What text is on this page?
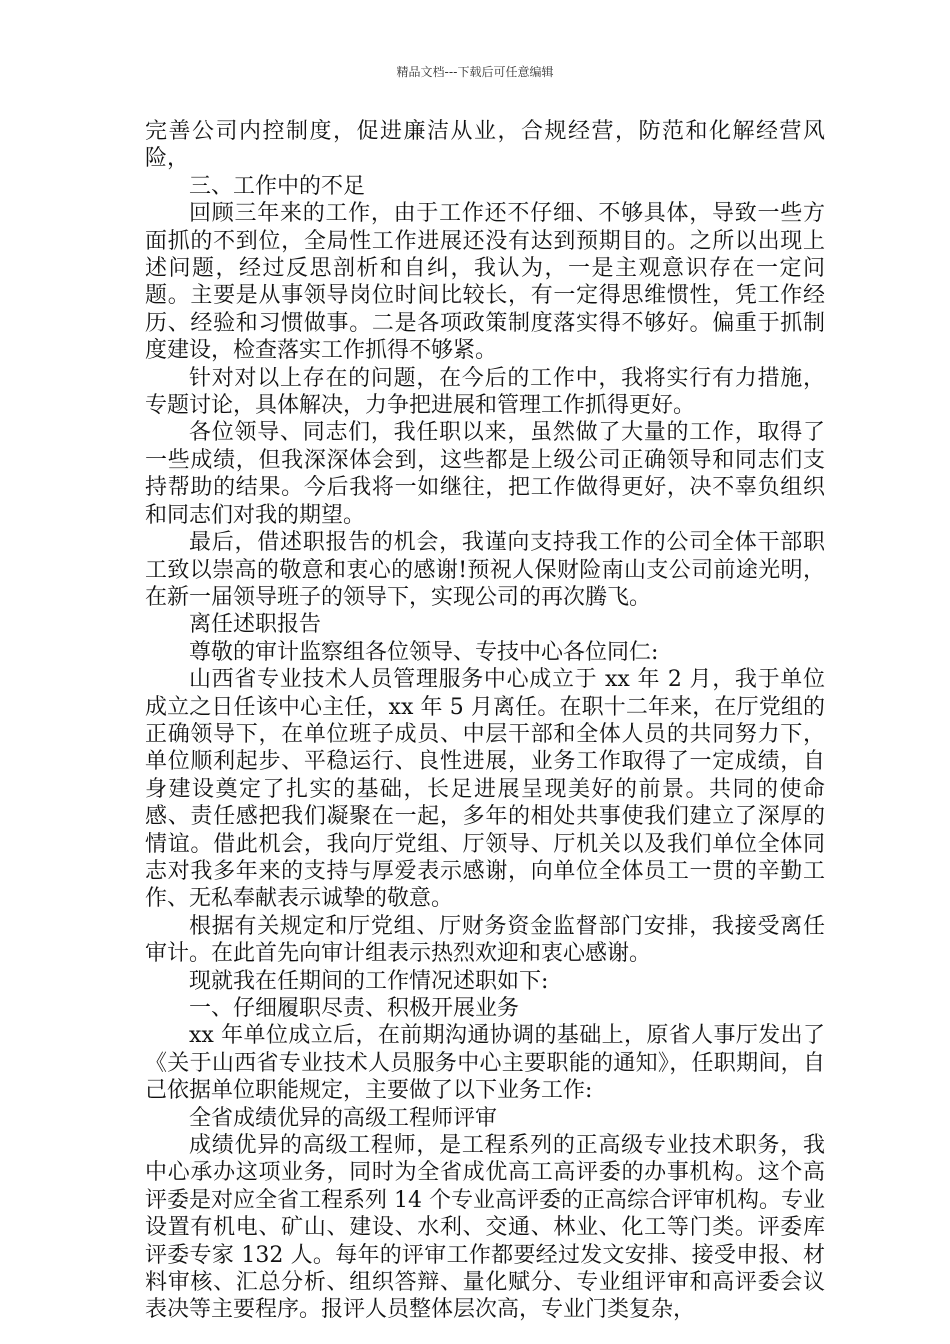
精品文档---下载后可任意编辑

完善公司内控制度，促进廉洁从业，合规经营，防范和化解经营风险，

三、工作中的不足

回顾三年来的工作，由于工作还不仔细、不够具体，导致一些方面抓的不到位，全局性工作进展还没有达到预期目的。之所以出现上述问题，经过反思剖析和自纠，我认为，一是主观意识存在一定问题。主要是从事领导岗位时间比较长，有一定得思维惯性，凭工作经历、经验和习惯做事。二是各项政策制度落实得不够好。偏重于抓制度建设，检查落实工作抓得不够紧。

针对对以上存在的问题，在今后的工作中，我将实行有力措施，专题讨论，具体解决，力争把进展和管理工作抓得更好。

各位领导、同志们，我任职以来，虽然做了大量的工作，取得了一些成绩，但我深深体会到，这些都是上级公司正确领导和同志们支持帮助的结果。今后我将一如继往，把工作做得更好，决不辜负组织和同志们对我的期望。

最后，借述职报告的机会，我谨向支持我工作的公司全体干部职工致以崇高的敬意和衷心的感谢!预祝人保财险南山支公司前途光明，在新一届领导班子的领导下，实现公司的再次腾飞。

离任述职报告

尊敬的审计监察组各位领导、专技中心各位同仁:

山西省专业技术人员管理服务中心成立于 xx 年 2 月，我于单位成立之日任该中心主任，xx 年 5 月离任。在职十二年来，在厅党组的正确领导下，在单位班子成员、中层干部和全体人员的共同努力下，单位顺利起步、平稳运行、良性进展，业务工作取得了一定成绩，自身建设奠定了扎实的基础，长足进展呈现美好的前景。共同的使命感、责任感把我们凝聚在一起，多年的相处共事使我们建立了深厚的情谊。借此机会，我向厅党组、厅领导、厅机关以及我们单位全体同志对我多年来的支持与厚爱表示感谢，向单位全体员工一贯的辛勤工作、无私奉献表示诚挚的敬意。

根据有关规定和厅党组、厅财务资金监督部门安排，我接受离任审计。在此首先向审计组表示热烈欢迎和衷心感谢。

现就我在任期间的工作情况述职如下:

一、仔细履职尽责、积极开展业务

xx 年单位成立后，在前期沟通协调的基础上，原省人事厅发出了《关于山西省专业技术人员服务中心主要职能的通知》，任职期间，自己依据单位职能规定，主要做了以下业务工作:

全省成绩优异的高级工程师评审

成绩优异的高级工程师，是工程系列的正高级专业技术职务，我中心承办这项业务，同时为全省成优高工高评委的办事机构。这个高评委是对应全省工程系列 14 个专业高评委的正高综合评审机构。专业设置有机电、矿山、建设、水利、交通、林业、化工等门类。评委库评委专家 132 人。每年的评审工作都要经过发文安排、接受申报、材料审核、汇总分析、组织答辩、量化赋分、专业组评审和高评委会议表决等主要程序。报评人员整体层次高，专业门类复杂，
